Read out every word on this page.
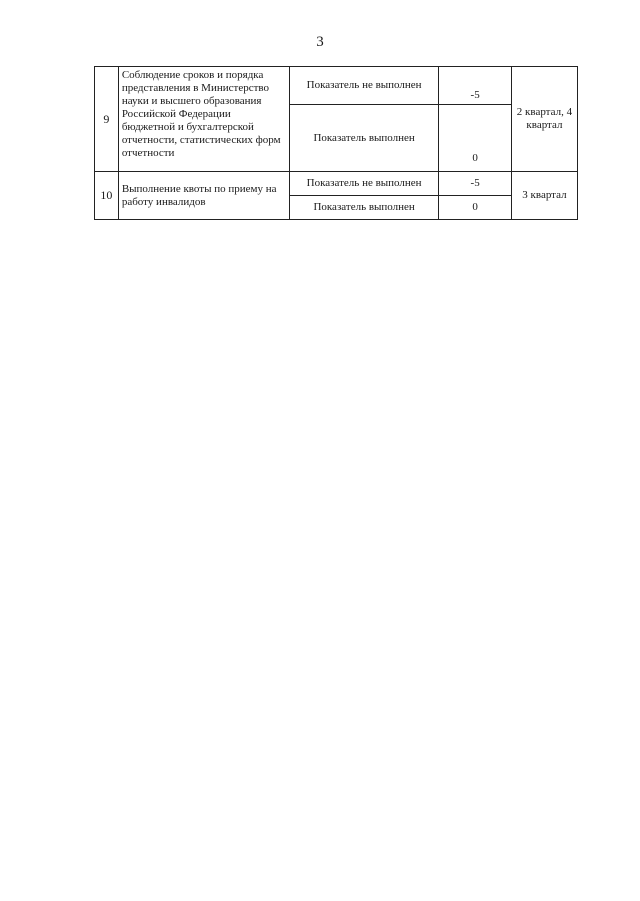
3
9	Соблюдение сроков и порядка представления в Министерство науки и высшего образования Российской Федерации бюджетной и бухгалтерской отчетности, статистических форм отчетности	Показатель не выполнен	-5	2 квартал, 4 квартал
		Показатель выполнен	0	
10	Выполнение квоты по приему на работу инвалидов	Показатель не выполнен	-5	3 квартал
		Показатель выполнен	0	
